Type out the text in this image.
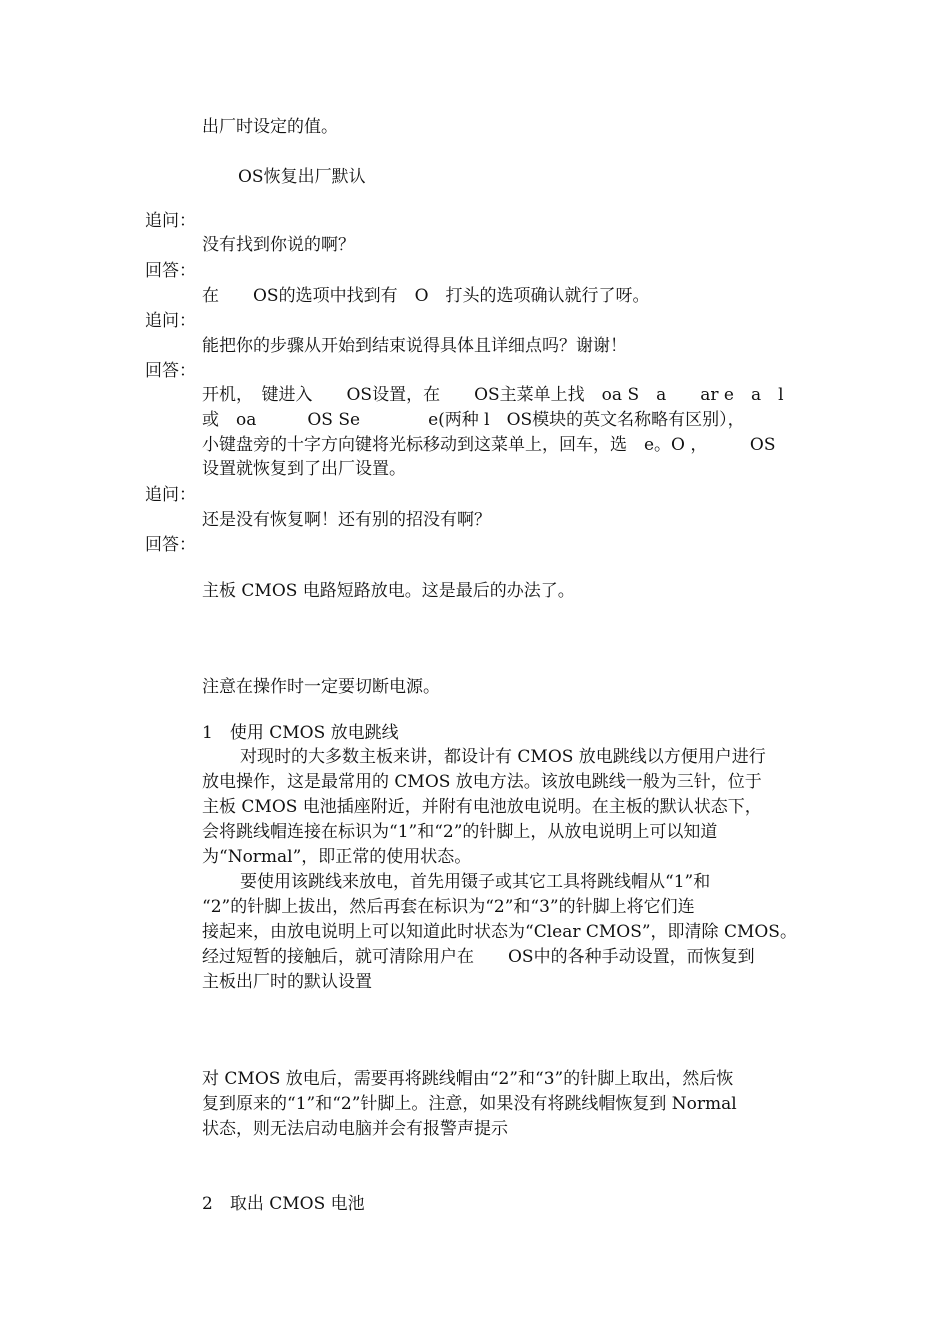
出厂时设定的值。
OS恢复出厂默认
追问：
没有找到你说的啊？
回答：
在　　OS的选项中找到有　O　打头的选项确认就行了呀。
追问：
能把你的步骤从开始到结束说得具体且详细点吗？谢谢！
回答：
开机，　键进入　　OS设置，在　　OS主菜单上找　oa S　a　　ar e　a　l
或　oa　　　OS Se　　　　e(两种 l　OS模块的英文名称略有区别），
小键盘旁的十字方向键将光标移动到这菜单上，回车，选　e。O ，　　　OS
设置就恢复到了出厂设置。
追问：
还是没有恢复啊！还有别的招没有啊？
回答：
主板 CMOS 电路短路放电。这是最后的办法了。
注意在操作时一定要切断电源。
1　使用 CMOS 放电跳线
对现时的大多数主板来讲，都设计有 CMOS 放电跳线以方便用户进行
放电操作，这是最常用的 CMOS 放电方法。该放电跳线一般为三针，位于
主板 CMOS 电池插座附近，并附有电池放电说明。在主板的默认状态下，
会将跳线帽连接在标识为“1”和“2”的针脚上，从放电说明上可以知道
为“Normal”，即正常的使用状态。
要使用该跳线来放电，首先用镊子或其它工具将跳线帽从“1”和
“2”的针脚上拔出，然后再套在标识为“2”和“3”的针脚上将它们连
接起来，由放电说明上可以知道此时状态为“Clear CMOS”，即清除 CMOS。
经过短暂的接触后，就可清除用户在　　OS中的各种手动设置，而恢复到
主板出厂时的默认设置
对 CMOS 放电后，需要再将跳线帽由“2”和“3”的针脚上取出，然后恢
复到原来的“1”和“2”针脚上。注意，如果没有将跳线帽恢复到 Normal
状态，则无法启动电脑并会有报警声提示
2　取出 CMOS 电池
